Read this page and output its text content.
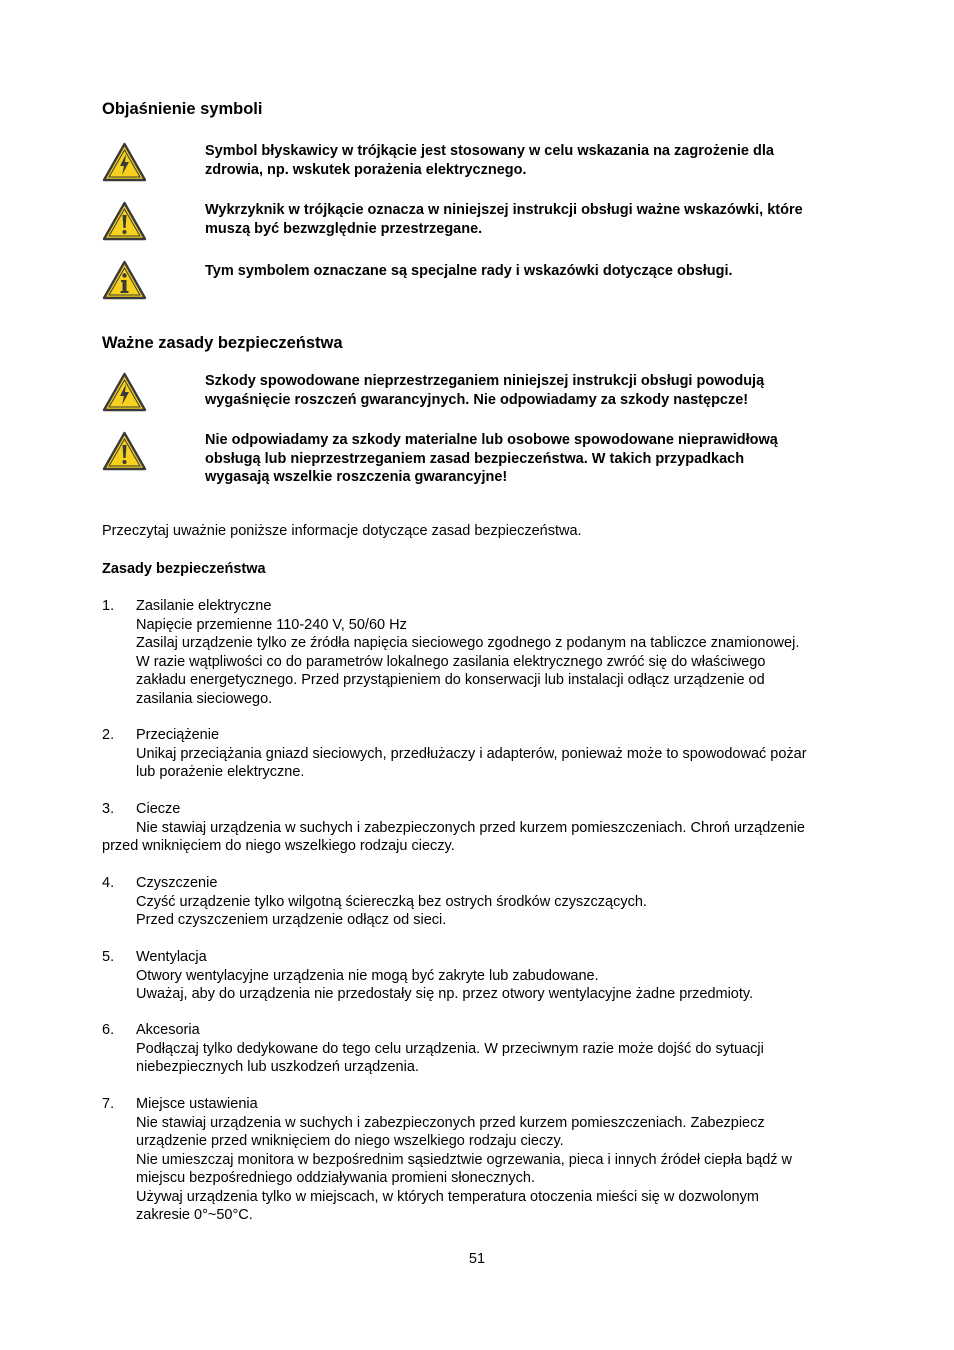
Objaśnienie symboli
Symbol błyskawicy w trójkącie jest stosowany w celu wskazania na zagrożenie dla
zdrowia, np. wskutek porażenia elektrycznego.
Wykrzyknik w trójkącie oznacza w niniejszej instrukcji obsługi ważne wskazówki, które
muszą być bezwzględnie przestrzegane.
Tym symbolem oznaczane są specjalne rady i wskazówki dotyczące obsługi.
Ważne zasady bezpieczeństwa
Szkody spowodowane nieprzestrzeganiem niniejszej instrukcji obsługi powodują
wygaśnięcie roszczeń gwarancyjnych. Nie odpowiadamy za szkody następcze!
Nie odpowiadamy za szkody materialne lub osobowe spowodowane nieprawidłową
obsługą lub nieprzestrzeganiem zasad bezpieczeństwa. W takich przypadkach
wygasają wszelkie roszczenia gwarancyjne!
Przeczytaj uważnie poniższe informacje dotyczące zasad bezpieczeństwa.
Zasady bezpieczeństwa
1. Zasilanie elektryczne
Napięcie przemienne 110-240 V, 50/60 Hz
Zasilaj urządzenie tylko ze źródła napięcia sieciowego zgodnego z podanym na tabliczce znamionowej.
W razie wątpliwości co do parametrów lokalnego zasilania elektrycznego zwróć się do właściwego
zakładu energetycznego. Przed przystąpieniem do konserwacji lub instalacji odłącz urządzenie od
zasilania sieciowego.
2. Przeciążenie
Unikaj przeciążania gniazd sieciowych, przedłużaczy i adapterów, ponieważ może to spowodować pożar
lub porażenie elektryczne.
3. Ciecze
Nie stawiaj urządzenia w suchych i zabezpieczonych przed kurzem pomieszczeniach. Chroń urządzenie
przed wniknięciem do niego wszelkiego rodzaju cieczy.
4. Czyszczenie
Czyść urządzenie tylko wilgotną ściereczką bez ostrych środków czyszczących.
Przed czyszczeniem urządzenie odłącz od sieci.
5. Wentylacja
Otwory wentylacyjne urządzenia nie mogą być zakryte lub zabudowane.
Uważaj, aby do urządzenia nie przedostały się np. przez otwory wentylacyjne żadne przedmioty.
6. Akcesoria
Podłączaj tylko dedykowane do tego celu urządzenia. W przeciwnym razie może dojść do sytuacji
niebezpiecznych lub uszkodzeń urządzenia.
7. Miejsce ustawienia
Nie stawiaj urządzenia w suchych i zabezpieczonych przed kurzem pomieszczeniach. Zabezpiecz
urządzenie przed wniknięciem do niego wszelkiego rodzaju cieczy.
Nie umieszczaj monitora w bezpośrednim sąsiedztwie ogrzewania, pieca i innych źródeł ciepła bądź w
miejscu bezpośredniego oddziaływania promieni słonecznych.
Używaj urządzenia tylko w miejscach, w których temperatura otoczenia mieści się w dozwolonym
zakresie 0°~50°C.
51
